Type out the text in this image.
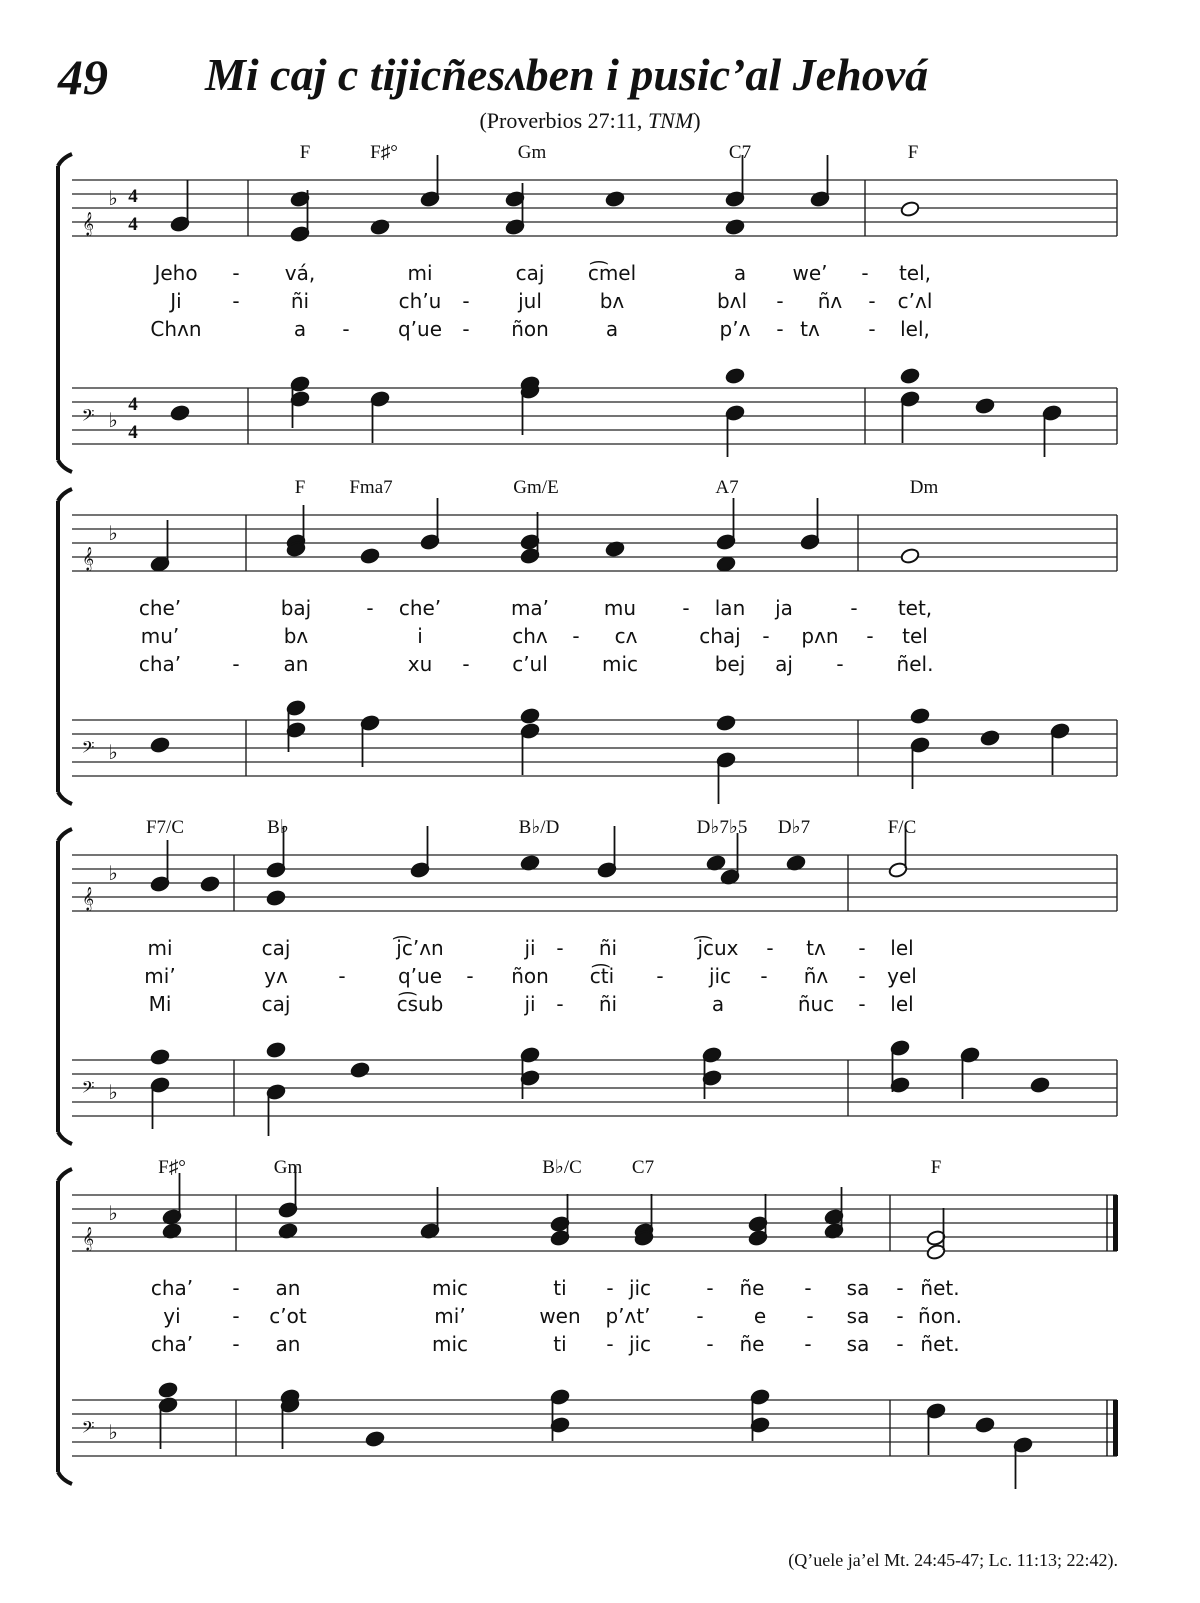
49 Mi caj c tijicñesʌben i pusic’al Jehová
(Proverbios 27:11, TNM)
𝄞
𝄢
♭
♭
4
4
4
4
F	F♯°	Gm	C7	F
Jeho - vá,	mi	caj c͡mel	a we’ - tel,
Ji	-	ñi	ch’u - jul	bʌ	bʌl - ñʌ - c’ʌl
Chʌn	a - q’ue - ñon	a	p’ʌ - tʌ - lel,
𝄞
𝄢
♭
♭
F Fma7	Gm/E	A7	Dm
che’	baj	- che’	ma’	mu - lan ja	- tet,
mu’	bʌ	i	chʌ - cʌ	chaj - pʌn - tel
cha’	- an	xu - c’ul	mic	bej aj -	ñel.
𝄞
𝄢
♭
♭
F7/C	B♭	B♭/D	D♭7♭5 D♭7	F/C
mi	caj	j͡c’ʌn	ji - ñi	j͡cux - tʌ - lel
mi’	yʌ	-	q’ue - ñon c͡ti - jic - ñʌ - yel
Mi	caj	c͡sub	ji - ñi	a	ñuc - lel
𝄞
𝄢
♭
♭
F♯°	Gm	B♭/C	C7	F
cha’ - an	mic	ti - jic	- ñe - sa - ñet.
yi	- c’ot	mi’	wen p’ʌt’ -	e - sa - ñon.
cha’ - an	mic	ti - jic	- ñe - sa - ñet.
(Q’uele ja’el Mt. 24:45-47; Lc. 11:13; 22:42).
